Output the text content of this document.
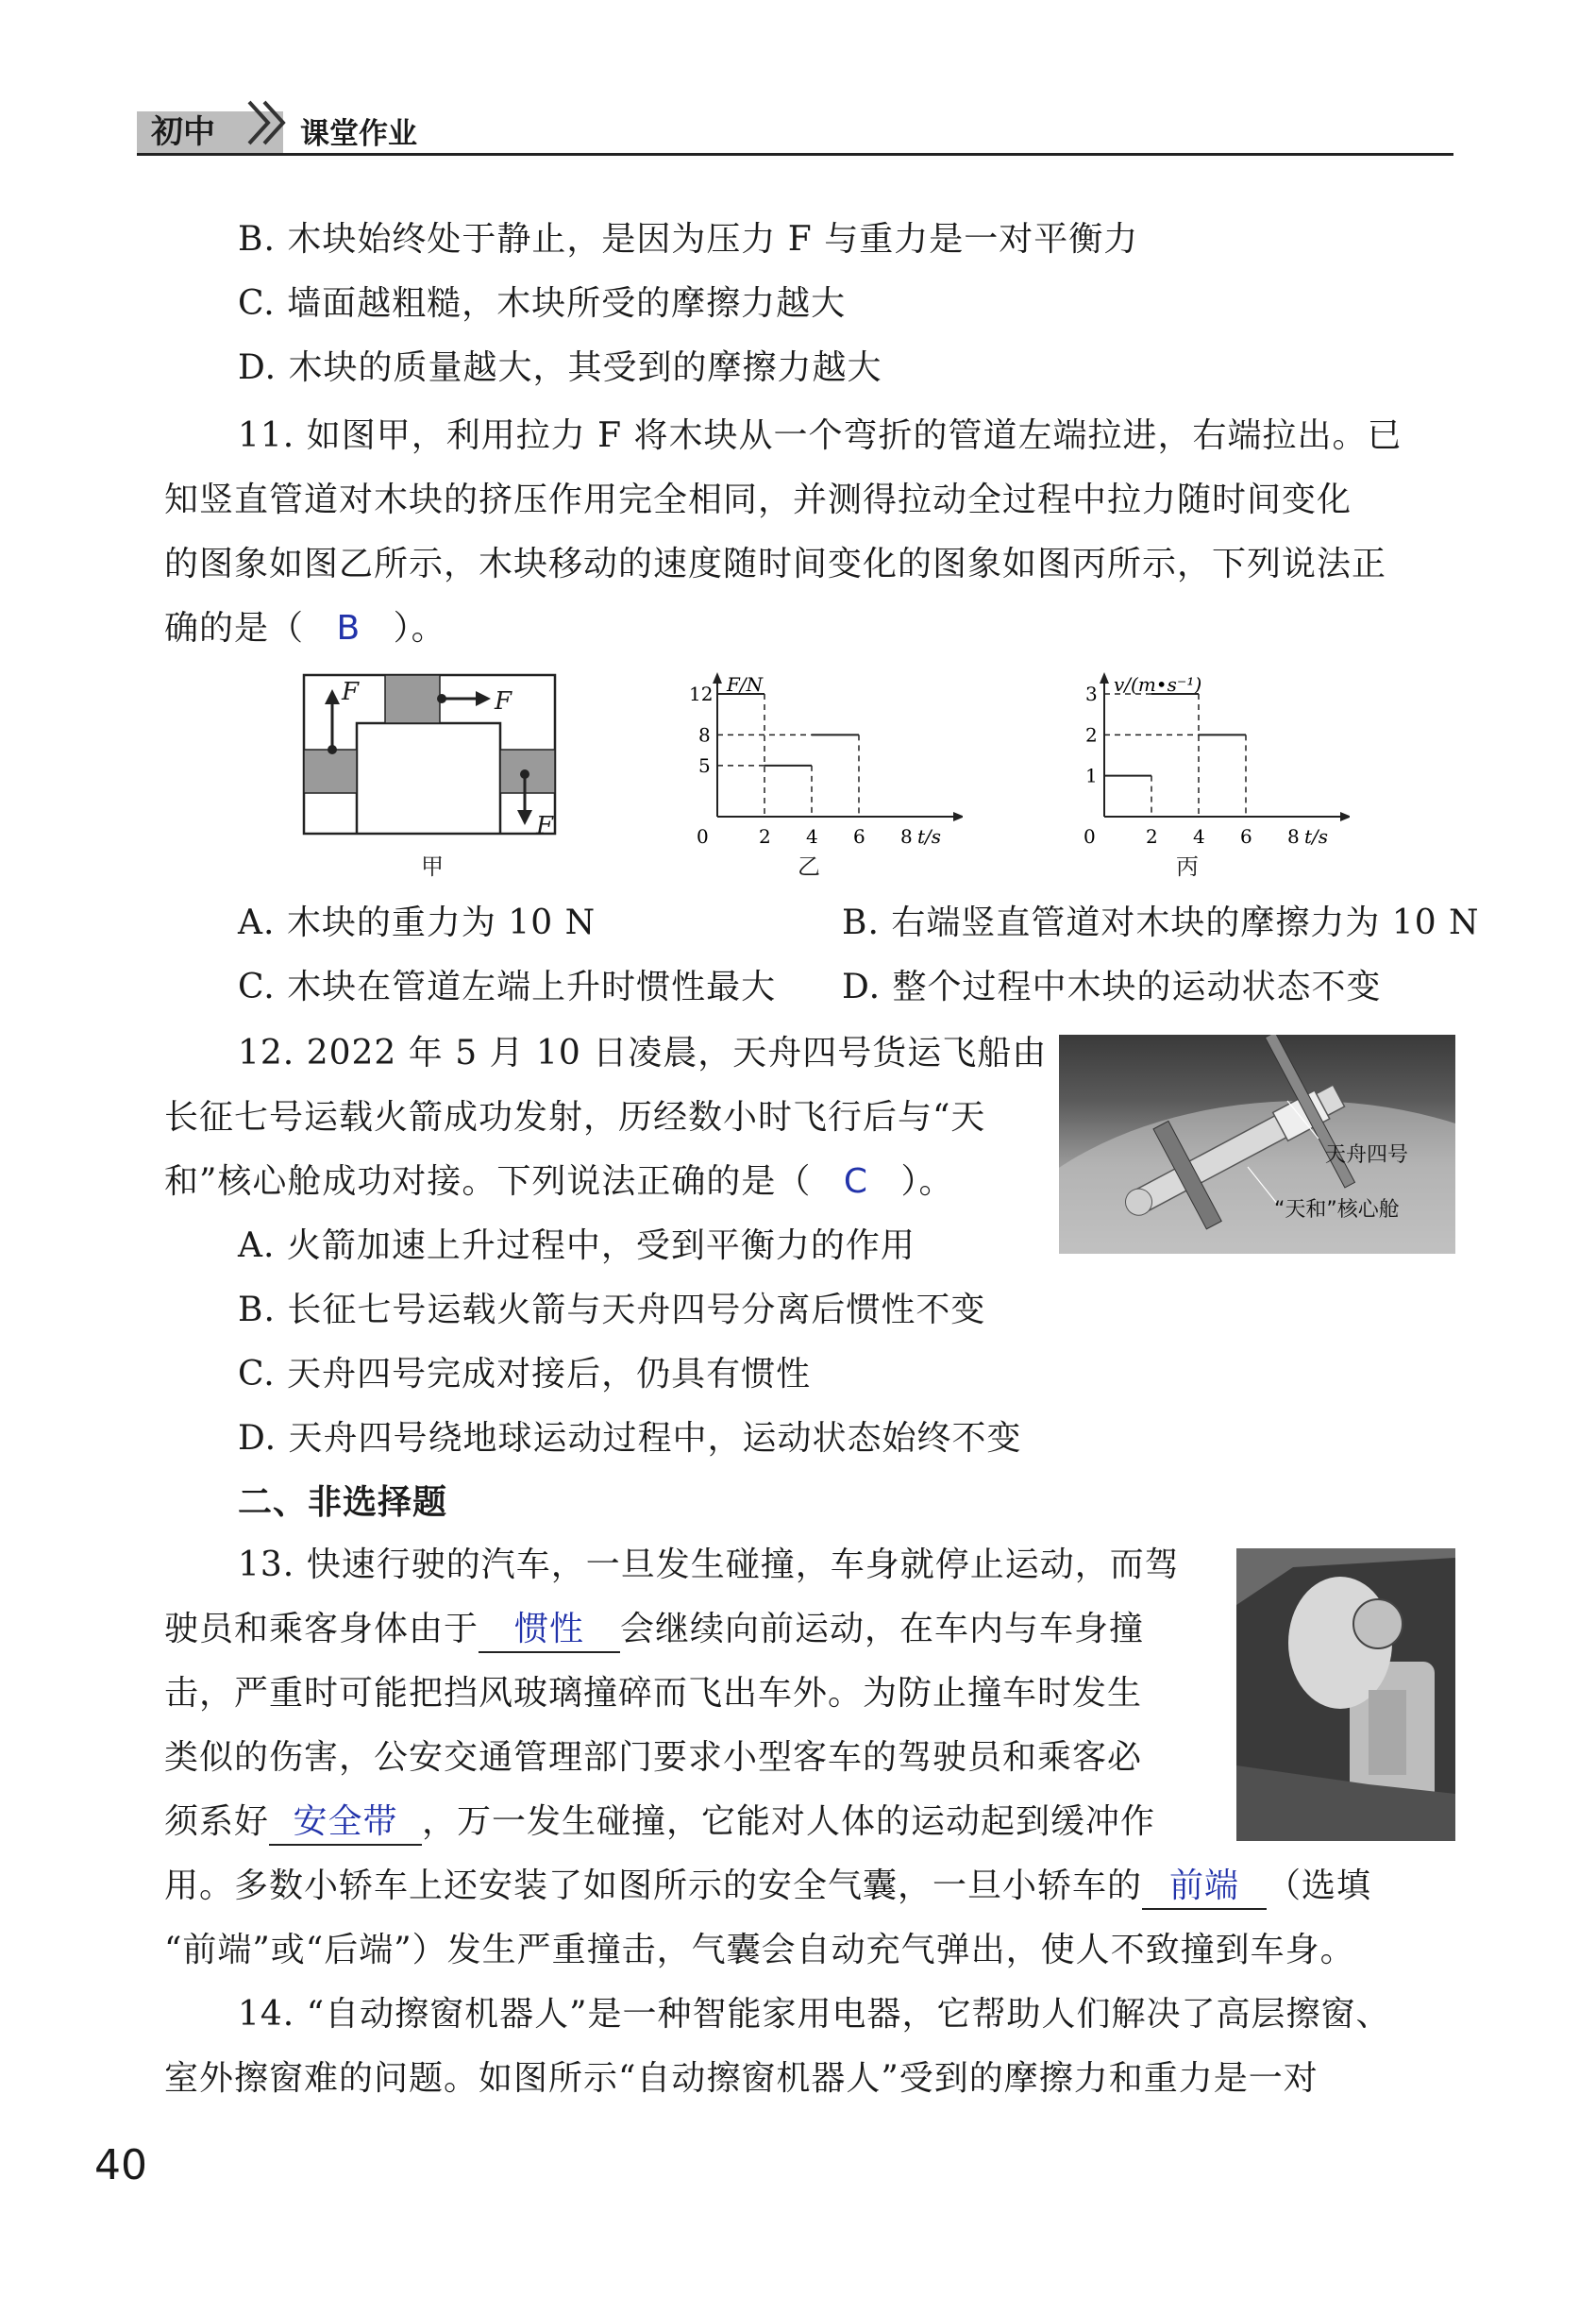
初中	课堂作业
B. 木块始终处于静止，是因为压力 F 与重力是一对平衡力
C. 墙面越粗糙，木块所受的摩擦力越大
D. 木块的质量越大，其受到的摩擦力越大
11. 如图甲，利用拉力 F 将木块从一个弯折的管道左端拉进，右端拉出。已
知竖直管道对木块的挤压作用完全相同，并测得拉动全过程中拉力随时间变化
的图象如图乙所示，木块移动的速度随时间变化的图象如图丙所示，下列说法正
确的是（ B ）。
F	F
F
甲
F/N
t/s
0	2 4 6 8
5
8
12
乙
v/(m•s⁻¹)
t/s
0	2 4 6 8
1
2
3
丙
A. 木块的重力为 10 N	B. 右端竖直管道对木块的摩擦力为 10 N
C. 木块在管道左端上升时惯性最大 D. 整个过程中木块的运动状态不变
12. 2022 年 5 月 10 日凌晨，天舟四号货运飞船由
长征七号运载火箭成功发射，历经数小时飞行后与“天
和”核心舱成功对接。下列说法正确的是（ C ）。
天舟四号
“天和”核心舱
A. 火箭加速上升过程中，受到平衡力的作用
B. 长征七号运载火箭与天舟四号分离后惯性不变
C. 天舟四号完成对接后，仍具有惯性
D. 天舟四号绕地球运动过程中，运动状态始终不变
二、非选择题
13. 快速行驶的汽车，一旦发生碰撞，车身就停止运动，而驾
驶员和乘客身体由于 惯性 会继续向前运动，在车内与车身撞
击，严重时可能把挡风玻璃撞碎而飞出车外。为防止撞车时发生
类似的伤害，公安交通管理部门要求小型客车的驾驶员和乘客必
须系好 安全带 ，万一发生碰撞，它能对人体的运动起到缓冲作
用。多数小轿车上还安装了如图所示的安全气囊，一旦小轿车的 前端 （选填
“前端”或“后端”）发生严重撞击，气囊会自动充气弹出，使人不致撞到车身。
14. “自动擦窗机器人”是一种智能家用电器，它帮助人们解决了高层擦窗、
室外擦窗难的问题。如图所示“自动擦窗机器人”受到的摩擦力和重力是一对
40
